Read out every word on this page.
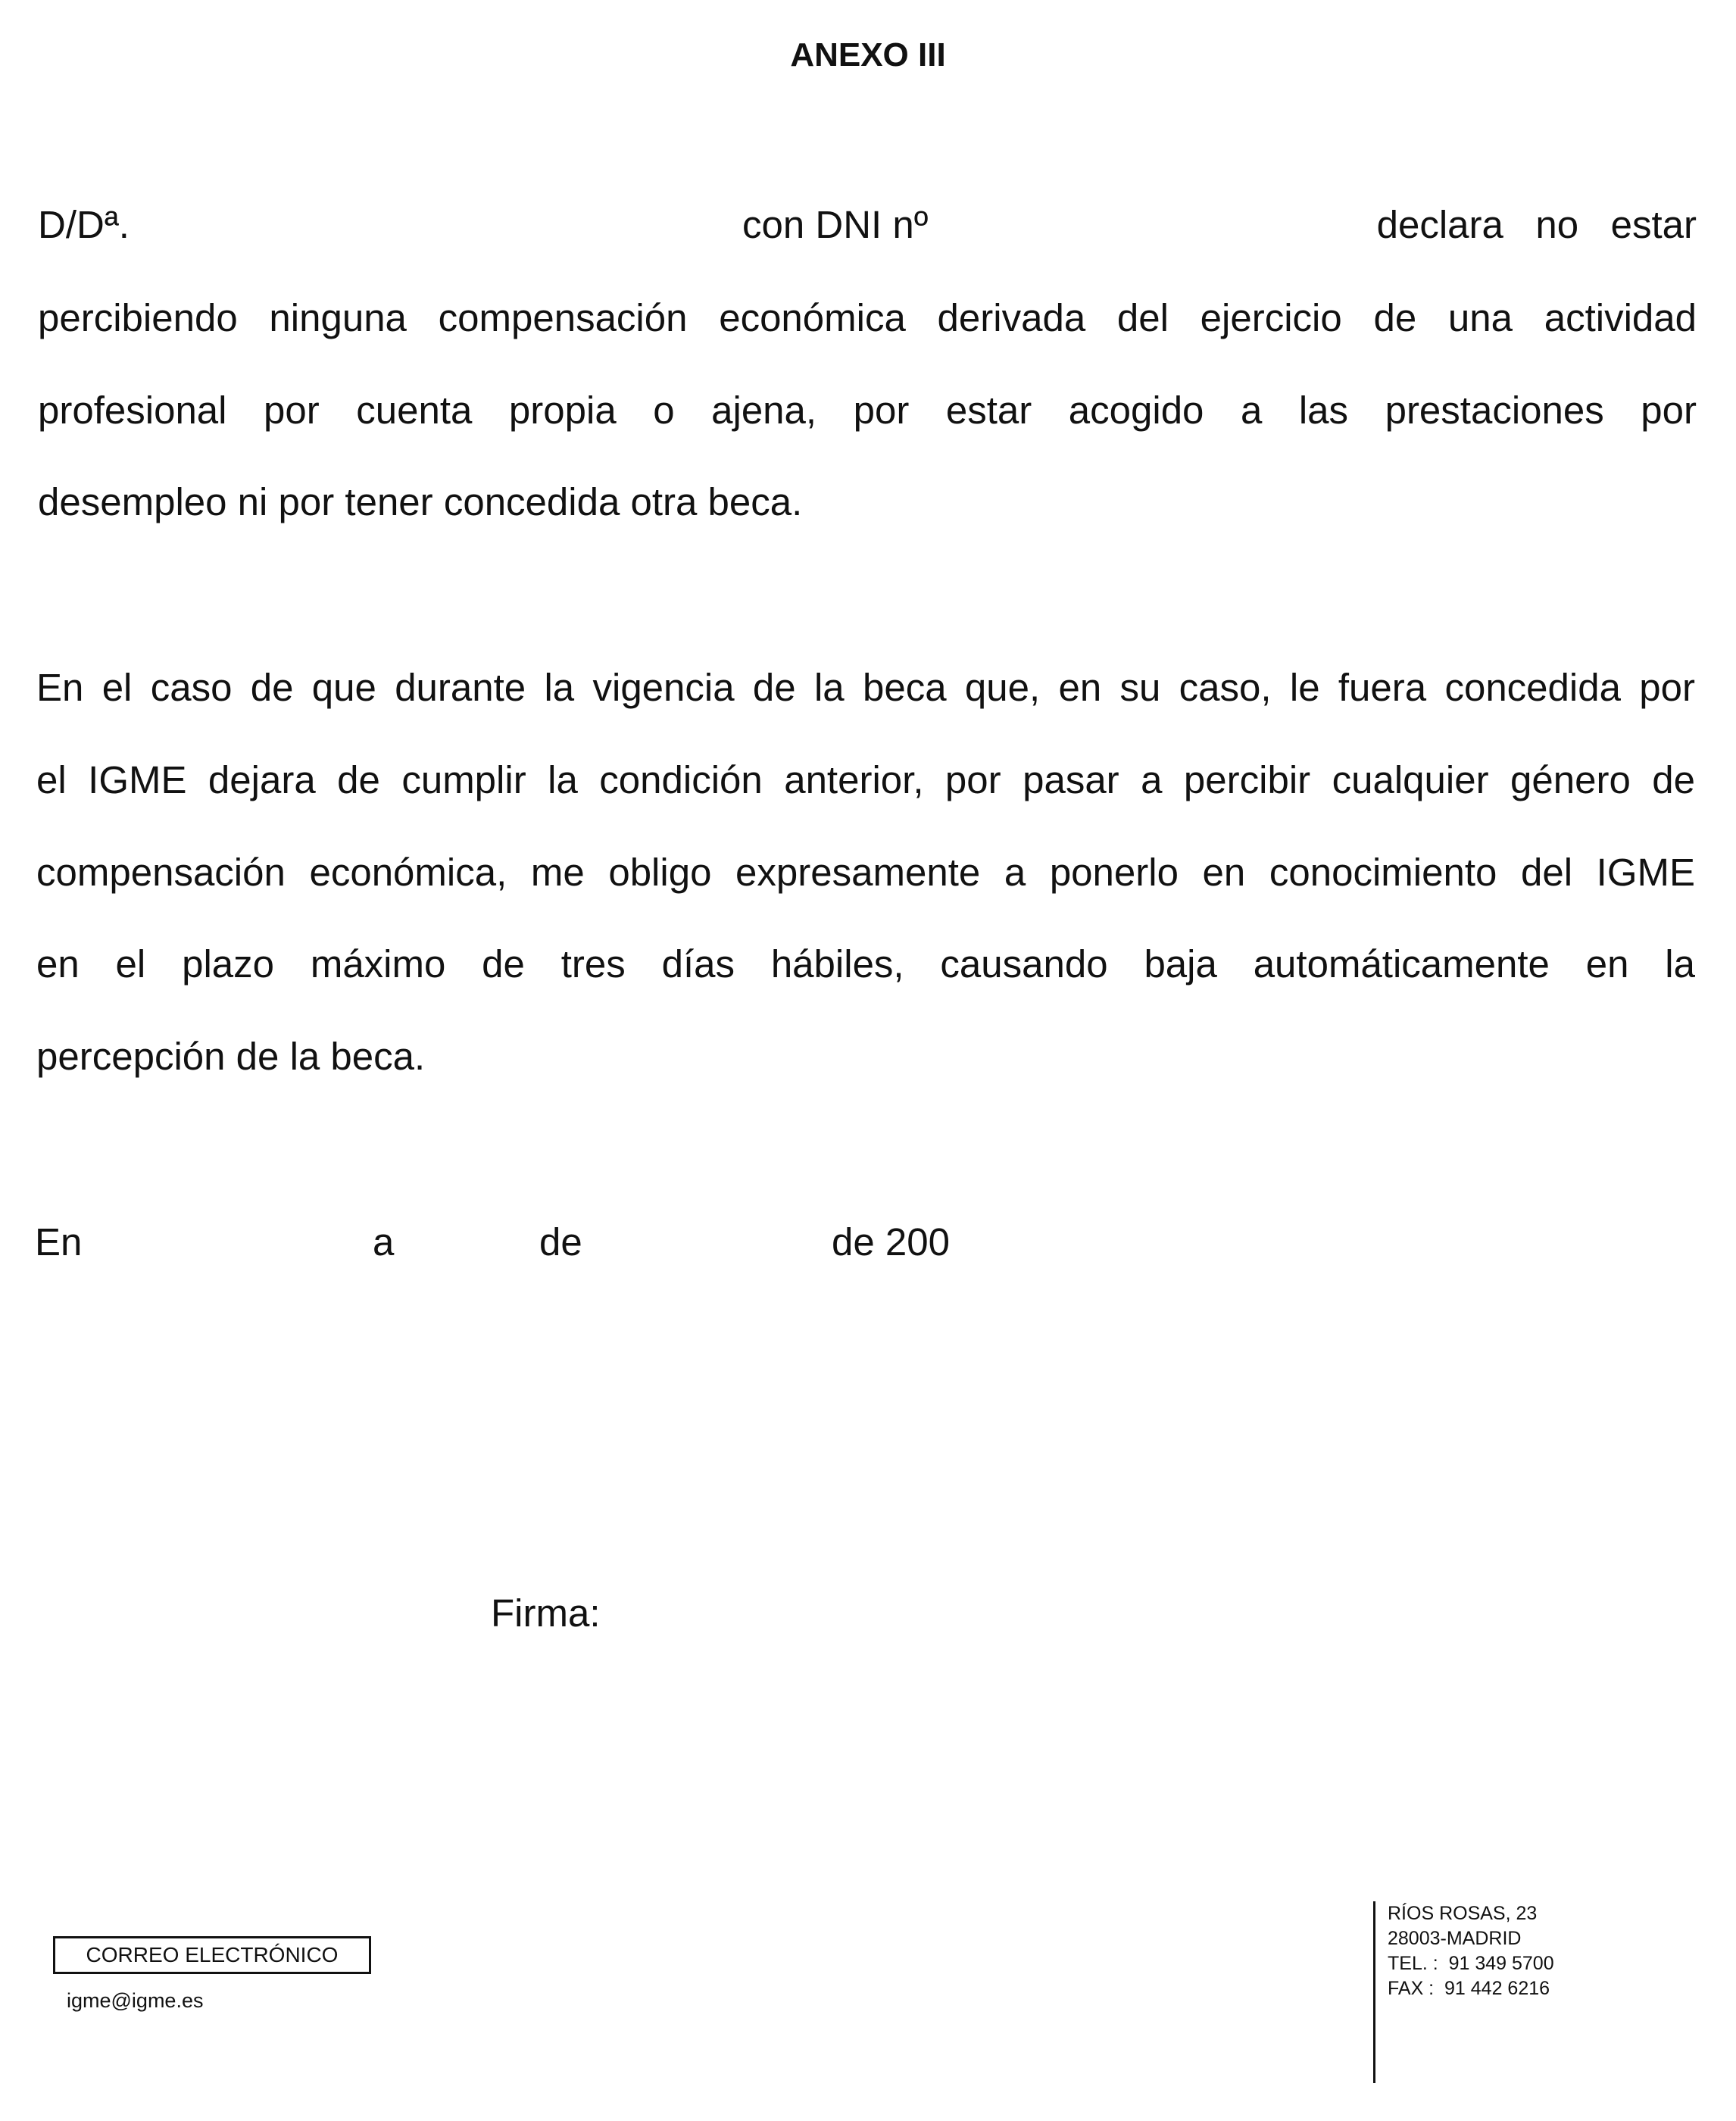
ANEXO III
D/Dª.	con DNI nº	declara   no   estar
percibiendo ninguna compensación económica derivada del ejercicio de una actividad
profesional por cuenta propia o ajena, por estar acogido a las prestaciones por
desempleo ni por tener concedida otra beca.
En el caso de que durante la vigencia de la beca que, en su caso, le fuera concedida por
el IGME dejara de cumplir la condición anterior, por pasar a percibir cualquier género de
compensación económica, me obligo expresamente a ponerlo en conocimiento del IGME
en el plazo máximo de tres días hábiles, causando baja automáticamente en la
percepción de la beca.
En	a	de	de 200
Firma:
CORREO ELECTRÓNICO
igme@igme.es
RÍOS ROSAS, 23
28003-MADRID
TEL. :  91 349 5700
FAX :  91 442 6216
